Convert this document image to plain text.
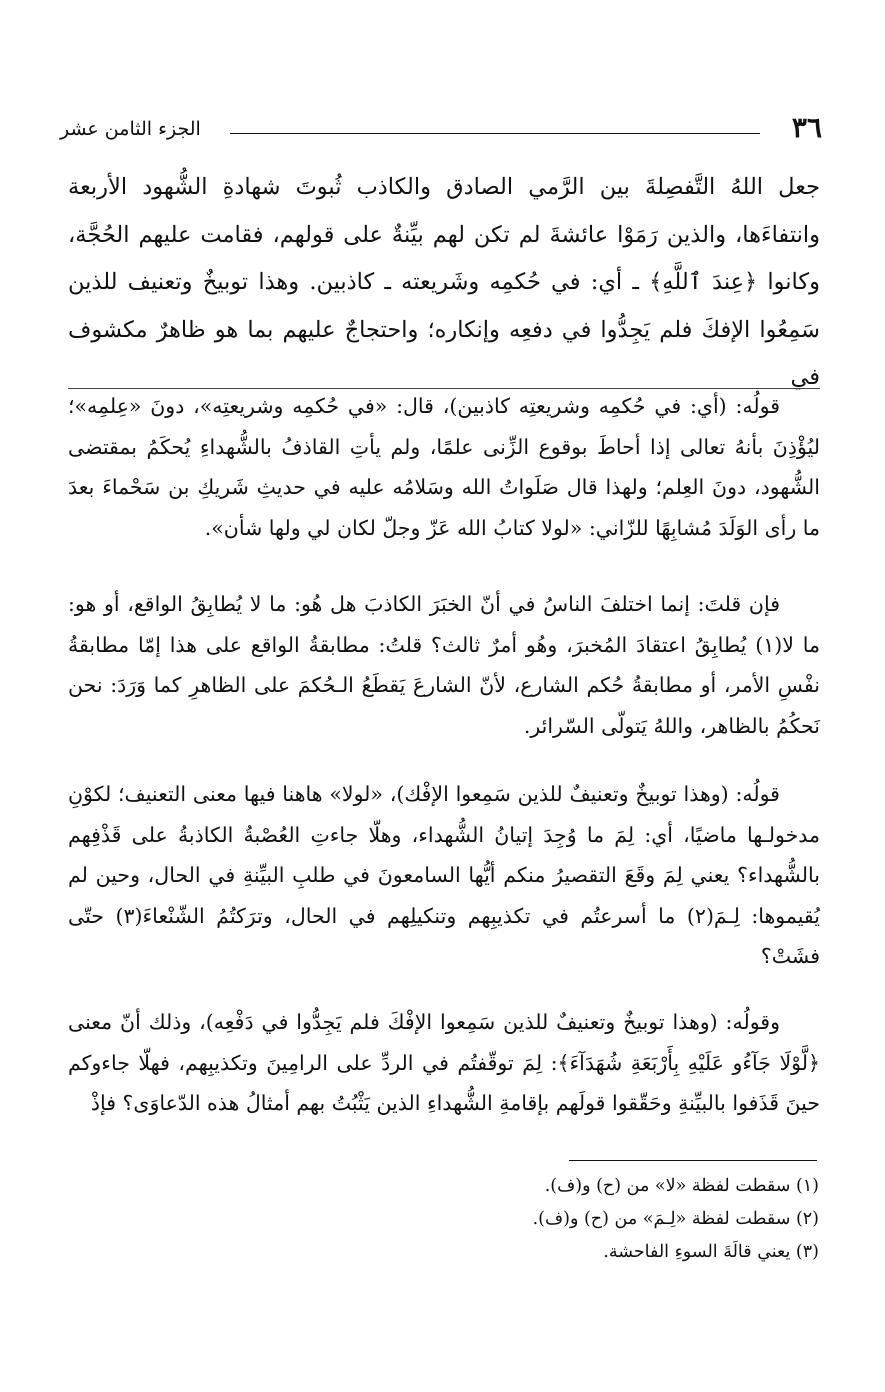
٣٦
الجزء الثامن عشر
جعل اللهُ التَّفصِلةَ بين الرَّمي الصادق والكاذب ثُبوتَ شهادةِ الشُّهود الأربعة وانتفاءَها، والذين رَمَوْا عائشةَ لم تكن لهم بيِّنةٌ على قولهم، فقامت عليهم الحُجَّة، وكانوا ﴿عِندَ ٱللَّهِ﴾ ـ أي: في حُكمِه وشَريعته ـ كاذبين. وهذا توبيخٌ وتعنيف للذين سَمِعُوا الإفكَ فلم يَجِدُّوا في دفعِه وإنكاره؛ واحتجاجٌ عليهم بما هو ظاهرٌ مكشوف في

قولُه: (أي: في حُكمِه وشريعتِه كاذبين)، قال: «في حُكمِه وشريعتِه»، دونَ «عِلمِه»؛ ليُؤْذِنَ بأنهُ تعالى إذا أحاطَ بوقوع الزِّنى علمًا، ولم يأتِ القاذفُ بالشُّهداءِ يُحكَمُ بمقتضى الشُّهود، دونَ العِلم؛ ولهذا قال صَلَواتُ الله وسَلامُه عليه في حديثِ شَريكِ بن سَحْماءَ بعدَ ما رأى الوَلَدَ مُشابِهًا للزّاني: «لولا كتابُ الله عَزّ وجلّ لكان لي ولها شأن».

فإن قلتَ: إنما اختلفَ الناسُ في أنّ الخبَرَ الكاذبَ هل هُو: ما لا يُطابِقُ الواقع، أو هو: ما لا(١) يُطابِقُ اعتقادَ المُخبرَ، وهُو أمرٌ ثالث؟ قلتُ: مطابقةُ الواقع على هذا إمّا مطابقةُ نفْسِ الأمر، أو مطابقةُ حُكم الشارع، لأنّ الشارعَ يَقطَعُ الـحُكمَ على الظاهرِ كما وَرَدَ: نحن نَحكُمُ بالظاهر، واللهُ يَتولّى السّرائر.

قولُه: (وهذا توبيخٌ وتعنيفٌ للذين سَمِعوا الإفْك)، «لولا» هاهنا فيها معنى التعنيف؛ لكوْنِ مدخولـها ماضيًا، أي: لِمَ ما وُجِدَ إتيانُ الشُّهداء، وهلّا جاءتِ العُصْبةُ الكاذبةُ على قَذْفِهم بالشُّهداء؟ يعني لِمَ وقَعَ التقصيرُ منكم أيُّها السامعونَ في طلبِ البيِّنةِ في الحال، وحين لم يُقيموها: لِـمَ(٢) ما أسرعتُم في تكذيبِهم وتنكيلِهم في الحال، وترَكتُمُ الشّنْعاءَ(٣) حتّى فشَتْ؟

وقولُه: (وهذا توبيخٌ وتعنيفٌ للذين سَمِعوا الإفْكَ فلم يَجِدُّوا في دَفْعِه)، وذلك أنّ معنى ﴿لَّوْلَا جَآءُو عَلَيْهِ بِأَرْبَعَةِ شُهَدَآءَ﴾: لِمَ توقّفتُم في الردِّ على الرامِينَ وتكذيبِهم، فهلّا جاءوكم حينَ قَذَفوا بالبيِّنةِ وحَقّقوا قولَهم بإقامةِ الشُّهداءِ الذين يَثْبُتُ بهم أمثالُ هذه الدّعاوَى؟ فإذْ

(١) سقطت لفظة «لا» من (ح) و(ف).
(٢) سقطت لفظة «لِـمَ» من (ح) و(ف).
(٣) يعني قالَةَ السوءِ الفاحشة.
